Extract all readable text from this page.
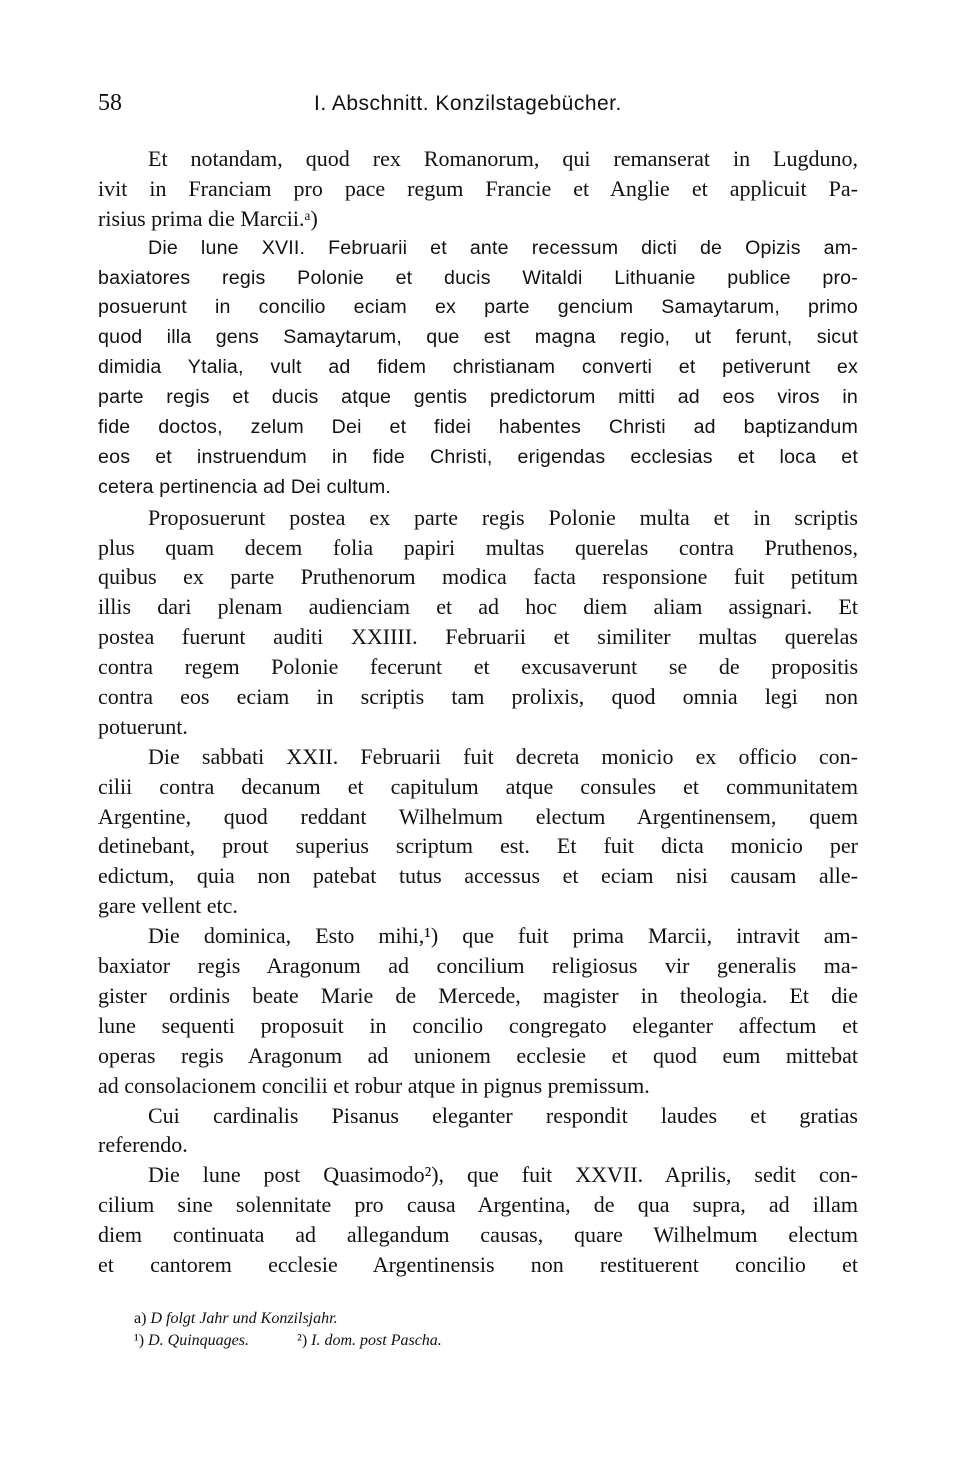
58	I. Abschnitt. Konzilstagebücher.

Et notandam, quod rex Romanorum, qui remanserat in Lugduno,
ivit in Franciam pro pace regum Francie et Anglie et applicuit Pa-
risius prima die Marcii.ᵃ)

Die lune XVII. Februarii et ante recessum dicti de Opizis am-
baxiatores regis Polonie et ducis Witaldi Lithuanie publice pro-
posuerunt in concilio eciam ex parte gencium Samaytarum, primo
quod illa gens Samaytarum, que est magna regio, ut ferunt, sicut
dimidia Ytalia, vult ad fidem christianam converti et petiverunt ex
parte regis et ducis atque gentis predictorum mitti ad eos viros in
fide doctos, zelum Dei et fidei habentes Christi ad baptizandum
eos et instruendum in fide Christi, erigendas ecclesias et loca et
cetera pertinencia ad Dei cultum.

Proposuerunt postea ex parte regis Polonie multa et in scriptis
plus quam decem folia papiri multas querelas contra Pruthenos,
quibus ex parte Pruthenorum modica facta responsione fuit petitum
illis dari plenam audienciam et ad hoc diem aliam assignari. Et
postea fuerunt auditi XXIIII. Februarii et similiter multas querelas
contra regem Polonie fecerunt et excusaverunt se de propositis
contra eos eciam in scriptis tam prolixis, quod omnia legi non
potuerunt.

Die sabbati XXII. Februarii fuit decreta monicio ex officio con-
cilii contra decanum et capitulum atque consules et communitatem
Argentine, quod reddant Wilhelmum electum Argentinensem, quem
detinebant, prout superius scriptum est. Et fuit dicta monicio per
edictum, quia non patebat tutus accessus et eciam nisi causam alle-
gare vellent etc.

Die dominica, Esto mihi,¹) que fuit prima Marcii, intravit am-
baxiator regis Aragonum ad concilium religiosus vir generalis ma-
gister ordinis beate Marie de Mercede, magister in theologia. Et die
lune sequenti proposuit in concilio congregato eleganter affectum et
operas regis Aragonum ad unionem ecclesie et quod eum mittebat
ad consolacionem concilii et robur atque in pignus premissum.

Cui cardinalis Pisanus eleganter respondit laudes et gratias
referendo.

Die lune post Quasimodo²), que fuit XXVII. Aprilis, sedit con-
cilium sine solennitate pro causa Argentina, de qua supra, ad illam
diem continuata ad allegandum causas, quare Wilhelmum electum
et cantorem ecclesie Argentinensis non restituerent concilio et

a) D folgt Jahr und Konzilsjahr.
¹) D. Quinquages.	²) I. dom. post Pascha.
